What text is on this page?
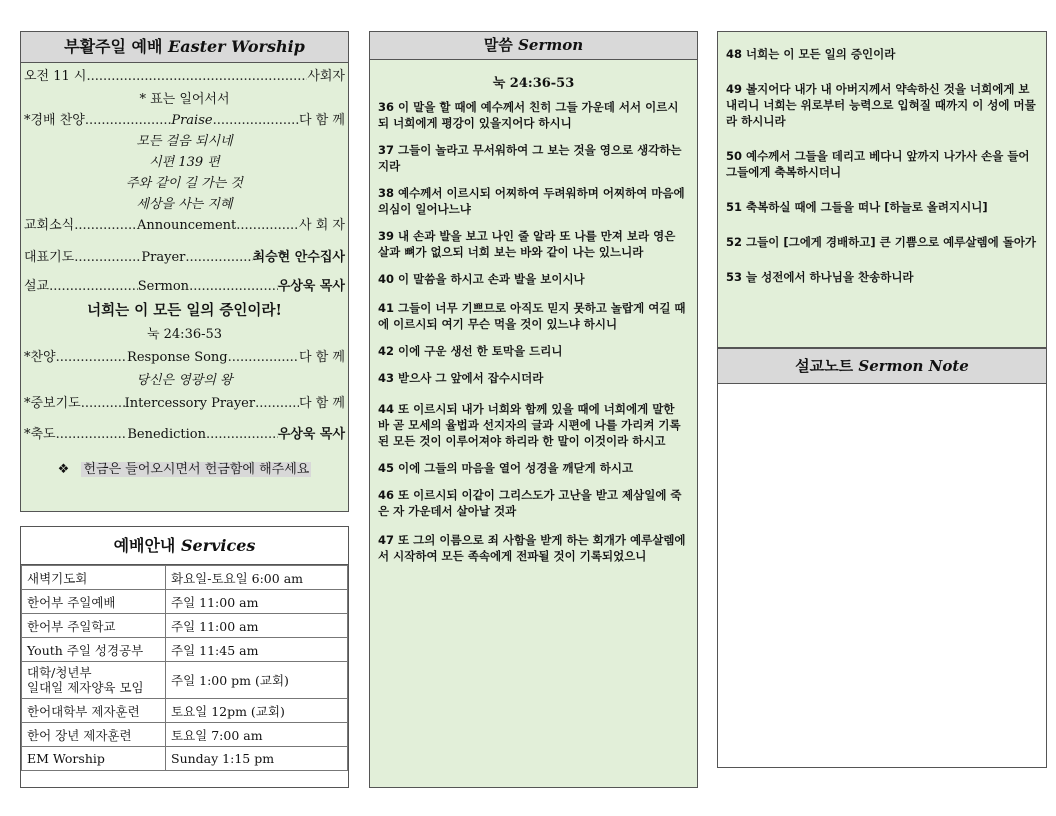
부활주일 예배 Easter Worship
오전 11 시 .....	사회자
* 표는 일어서서
*경배 찬양 .....	Praise .....	다 함 께
모든 걸음 되시네
시편 139 편
주와 같이 길 가는 것
세상을 사는 지혜
교회소식 .....	Announcement .....	사 회 자
대표기도 .....	Prayer .....	최승현 안수집사
설교 .....	Sermon .....	우상욱 목사
너희는 이 모든 일의 증인이라!
눅 24:36-53
*찬양 .....	Response Song .....	다 함 께
당신은 영광의 왕
*중보기도 .....	Intercessory Prayer .....	다 함 께
*축도 .....	Benediction .....	우상욱 목사
❖ 헌금은 들어오시면서 헌금함에 해주세요
예배안내 Services
새벽기도회	화요일-토요일 6:00 am
한어부 주일예배	주일 11:00 am
한어부 주일학교	주일 11:00 am
Youth 주일 성경공부	주일 11:45 am
대학/청년부
일대일 제자양육 모임	주일 1:00 pm (교회)
한어대학부 제자훈련	토요일 12pm (교회)
한어 장년 제자훈련	토요일 7:00 am
EM Worship	Sunday 1:15 pm
말씀 Sermon
눅 24:36-53
36 이 말을 할 때에 예수께서 친히 그들 가운데 서서 이르시되 너희에게 평강이 있을지어다 하시니
37 그들이 놀라고 무서워하여 그 보는 것을 영으로 생각하는지라
38 예수께서 이르시되 어찌하여 두려워하며 어찌하여 마음에 의심이 일어나느냐
39 내 손과 발을 보고 나인 줄 알라 또 나를 만져 보라 영은 살과 뼈가 없으되 너희 보는 바와 같이 나는 있느니라
40 이 말씀을 하시고 손과 발을 보이시나
41 그들이 너무 기쁘므로 아직도 믿지 못하고 놀랍게 여길 때에 이르시되 여기 무슨 먹을 것이 있느냐 하시니
42 이에 구운 생선 한 토막을 드리니
43 받으사 그 앞에서 잡수시더라
44 또 이르시되 내가 너희와 함께 있을 때에 너희에게 말한 바 곧 모세의 율법과 선지자의 글과 시편에 나를 가리켜 기록된 모든 것이 이루어져야 하리라 한 말이 이것이라 하시고
45 이에 그들의 마음을 열어 성경을 깨닫게 하시고
46 또 이르시되 이같이 그리스도가 고난을 받고 제삼일에 죽은 자 가운데서 살아날 것과
47 또 그의 이름으로 죄 사함을 받게 하는 회개가 예루살렘에서 시작하여 모든 족속에게 전파될 것이 기록되었으니
48 너희는 이 모든 일의 증인이라
49 볼지어다 내가 내 아버지께서 약속하신 것을 너희에게 보내리니 너희는 위로부터 능력으로 입혀질 때까지 이 성에 머물라 하시니라
50 예수께서 그들을 데리고 베다니 앞까지 나가사 손을 들어 그들에게 축복하시더니
51 축복하실 때에 그들을 떠나 [하늘로 올려지시니]
52 그들이 [그에게 경배하고] 큰 기쁨으로 예루살렘에 돌아가
53 늘 성전에서 하나님을 찬송하니라
설교노트 Sermon Note
